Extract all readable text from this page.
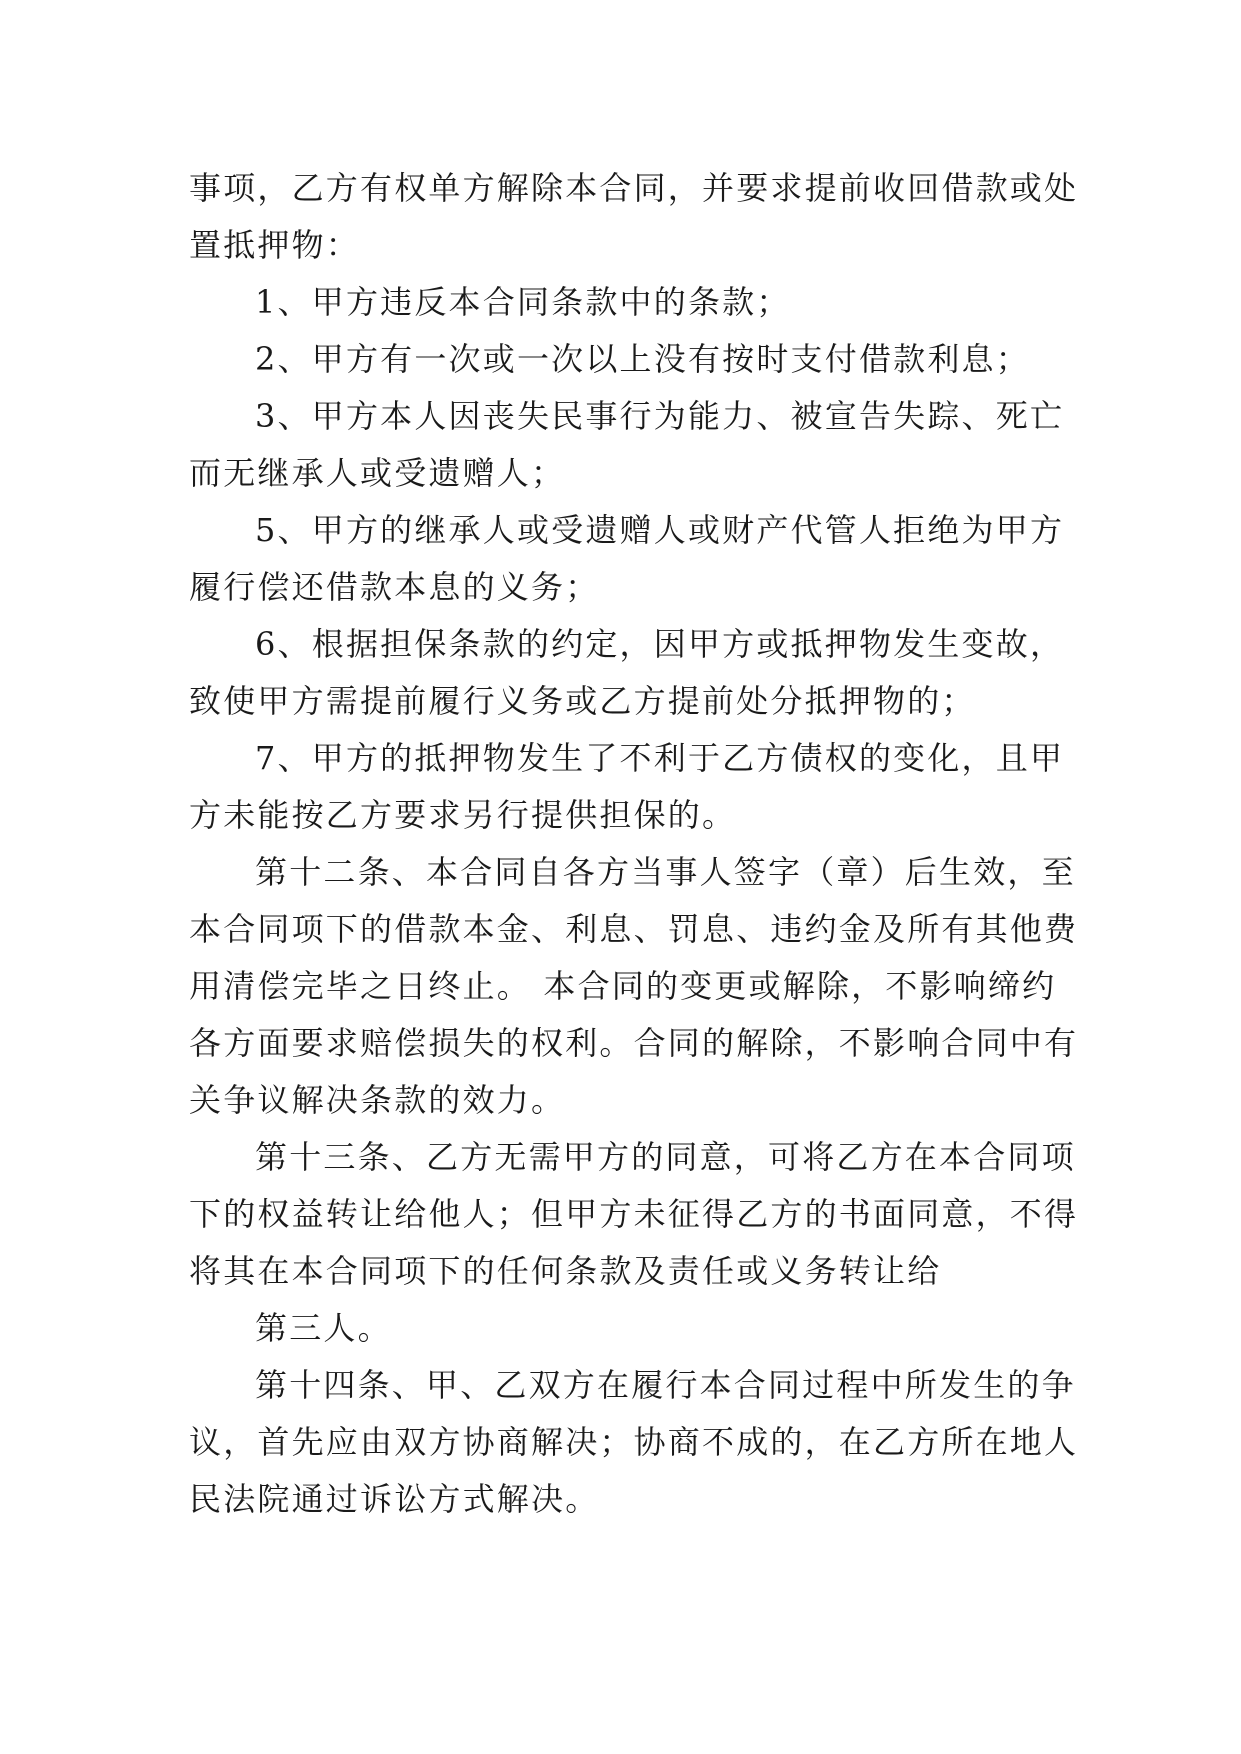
事项，乙方有权单方解除本合同，并要求提前收回借款或处
置抵押物：
1、甲方违反本合同条款中的条款；
2、甲方有一次或一次以上没有按时支付借款利息；
3、甲方本人因丧失民事行为能力、被宣告失踪、死亡
而无继承人或受遗赠人；
5、甲方的继承人或受遗赠人或财产代管人拒绝为甲方
履行偿还借款本息的义务；
6、根据担保条款的约定，因甲方或抵押物发生变故，
致使甲方需提前履行义务或乙方提前处分抵押物的；
7、甲方的抵押物发生了不利于乙方债权的变化，且甲
方未能按乙方要求另行提供担保的。
第十二条、本合同自各方当事人签字（章）后生效，至
本合同项下的借款本金、利息、罚息、违约金及所有其他费
用清偿完毕之日终止。 本合同的变更或解除，不影响缔约
各方面要求赔偿损失的权利。合同的解除，不影响合同中有
关争议解决条款的效力。
第十三条、乙方无需甲方的同意，可将乙方在本合同项
下的权益转让给他人；但甲方未征得乙方的书面同意，不得
将其在本合同项下的任何条款及责任或义务转让给
第三人。
第十四条、甲、乙双方在履行本合同过程中所发生的争
议，首先应由双方协商解决；协商不成的，在乙方所在地人
民法院通过诉讼方式解决。
